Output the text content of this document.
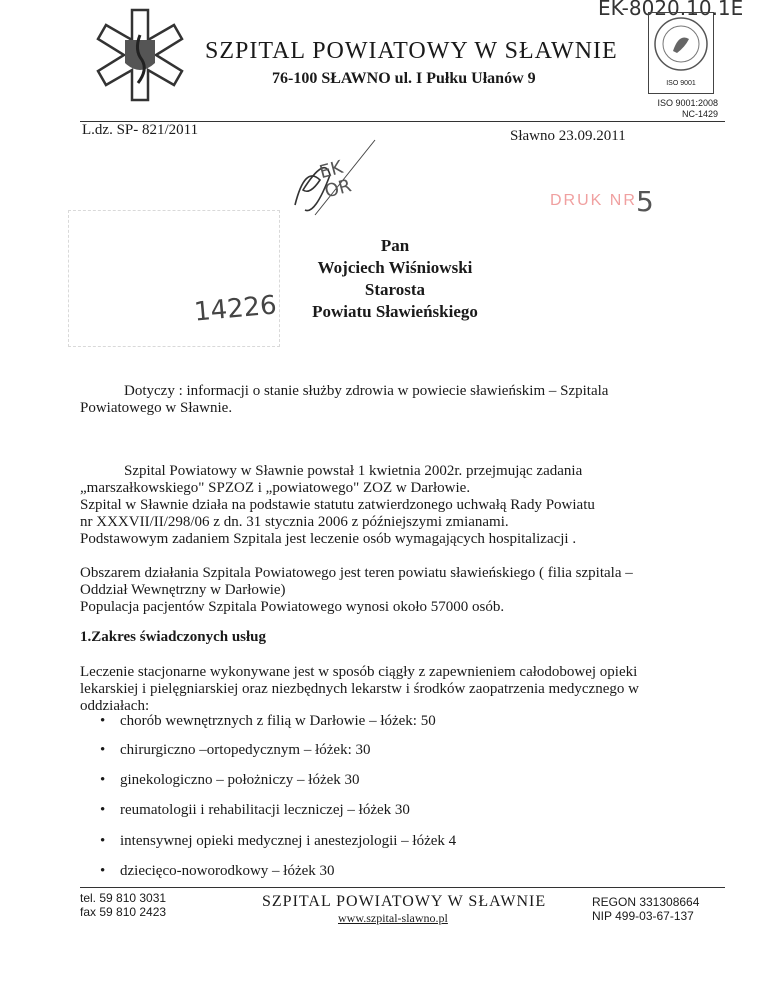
EK-8020.10.1E
SZPITAL POWIATOWY W SŁAWNIE
76-100 SŁAWNO ul. I Pułku Ułanów 9	ISO 9001
ISO 9001:2008
NC-1429
L.dz. SP- 821/2011	Sławno 23.09.2011
EK OR	DRUK NR 5
14226
Pan
Wojciech Wiśniowski
Starosta
Powiatu Sławieńskiego
Dotyczy : informacji o stanie służby zdrowia w powiecie sławieńskim – Szpitala
Powiatowego w Sławnie.
Szpital Powiatowy w Sławnie powstał 1 kwietnia 2002r. przejmując zadania
„marszałkowskiego" SPZOZ i „powiatowego" ZOZ w Darłowie.
Szpital w Sławnie działa na podstawie statutu zatwierdzonego uchwałą Rady Powiatu
nr XXXVII/II/298/06 z dn. 31 stycznia 2006 z późniejszymi zmianami.
Podstawowym zadaniem Szpitala jest leczenie osób wymagających hospitalizacji .
Obszarem działania Szpitala Powiatowego jest teren powiatu sławieńskiego ( filia szpitala –
Oddział Wewnętrzny w Darłowie)
Populacja pacjentów Szpitala Powiatowego wynosi około 57000 osób.
1.Zakres świadczonych usług
Leczenie stacjonarne wykonywane jest w sposób ciągły z zapewnieniem całodobowej opieki
lekarskiej i pielęgniarskiej oraz niezbędnych lekarstw i środków zaopatrzenia medycznego w
oddziałach:
• chorób wewnętrznych z filią w Darłowie – łóżek: 50
• chirurgiczno –ortopedycznym – łóżek: 30
• ginekologiczno – położniczy – łóżek 30
• reumatologii i rehabilitacji leczniczej – łóżek 30
• intensywnej opieki medycznej i anestezjologii – łóżek 4
• dziecięco-noworodkowy – łóżek 30
tel. 59 810 3031
fax 59 810 2423
SZPITAL POWIATOWY W SŁAWNIE
www.szpital-slawno.pl
REGON 331308664
NIP 499-03-67-137
